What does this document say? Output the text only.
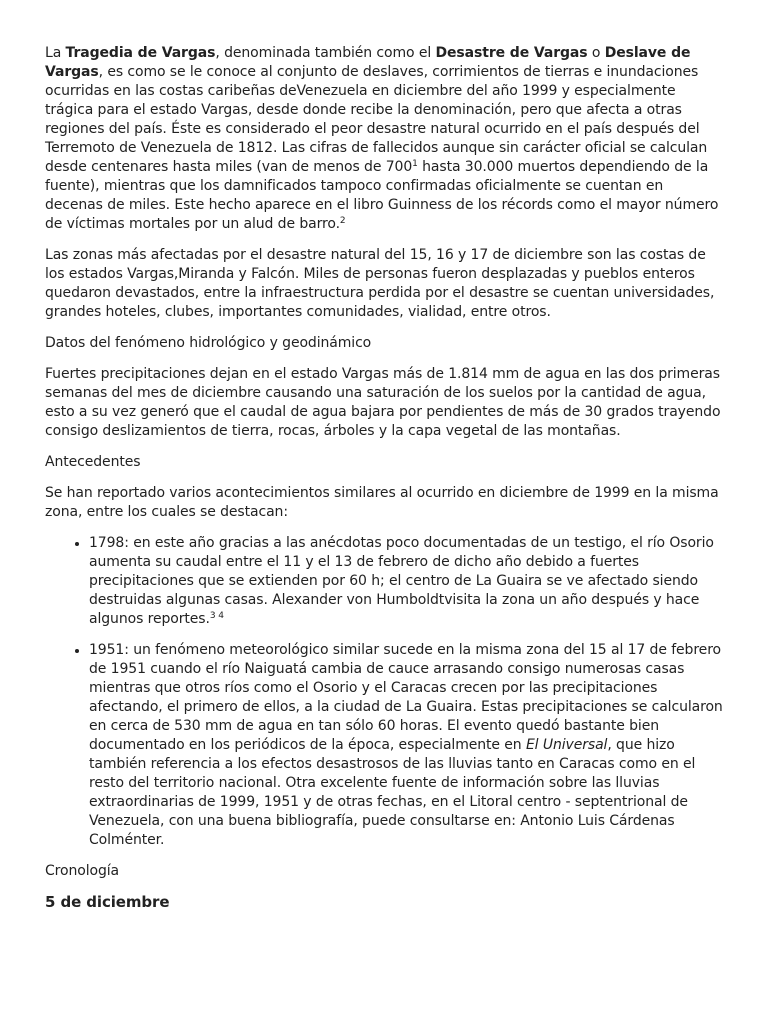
La Tragedia de Vargas, denominada también como el Desastre de Vargas o Deslave de Vargas, es como se le conoce al conjunto de deslaves, corrimientos de tierras e inundaciones ocurridas en las costas caribeñas deVenezuela en diciembre del año 1999 y especialmente trágica para el estado Vargas, desde donde recibe la denominación, pero que afecta a otras regiones del país. Éste es considerado el peor desastre natural ocurrido en el país después del Terremoto de Venezuela de 1812. Las cifras de fallecidos aunque sin carácter oficial se calculan desde centenares hasta miles (van de menos de $700^1$ hasta 30.000 muertos dependiendo de la fuente), mientras que los damnificados tampoco confirmadas oficialmente se cuentan en decenas de miles. Este hecho aparece en el libro Guinness de los récords como el mayor número de víctimas mortales por un alud de barro.$^2$

Las zonas más afectadas por el desastre natural del 15, 16 y 17 de diciembre son las costas de los estados Vargas,Miranda y Falcón. Miles de personas fueron desplazadas y pueblos enteros quedaron devastados, entre la infraestructura perdida por el desastre se cuentan universidades, grandes hoteles, clubes, importantes comunidades, vialidad, entre otros.

Datos del fenómeno hidrológico y geodinámico

Fuertes precipitaciones dejan en el estado Vargas más de 1.814 mm de agua en las dos primeras semanas del mes de diciembre causando una saturación de los suelos por la cantidad de agua, esto a su vez generó que el caudal de agua bajara por pendientes de más de 30 grados trayendo consigo deslizamientos de tierra, rocas, árboles y la capa vegetal de las montañas.

Antecedentes

Se han reportado varios acontecimientos similares al ocurrido en diciembre de 1999 en la misma zona, entre los cuales se destacan:

• 1798: en este año gracias a las anécdotas poco documentadas de un testigo, el río Osorio aumenta su caudal entre el 11 y el 13 de febrero de dicho año debido a fuertes precipitaciones que se extienden por 60 h; el centro de La Guaira se ve afectado siendo destruidas algunas casas. Alexander von Humboldtvisita la zona un año después y hace algunos reportes.$^{3 4}$
• 1951: un fenómeno meteorológico similar sucede en la misma zona del 15 al 17 de febrero de 1951 cuando el río Naiguatá cambia de cauce arrasando consigo numerosas casas mientras que otros ríos como el Osorio y el Caracas crecen por las precipitaciones afectando, el primero de ellos, a la ciudad de La Guaira. Estas precipitaciones se calcularon en cerca de 530 mm de agua en tan sólo 60 horas. El evento quedó bastante bien documentado en los periódicos de la época, especialmente en El Universal, que hizo también referencia a los efectos desastrosos de las lluvias tanto en Caracas como en el resto del territorio nacional. Otra excelente fuente de información sobre las lluvias extraordinarias de 1999, 1951 y de otras fechas, en el Litoral centro - septentrional de Venezuela, con una buena bibliografía, puede consultarse en: Antonio Luis Cárdenas Colménter.

Cronología

5 de diciembre
